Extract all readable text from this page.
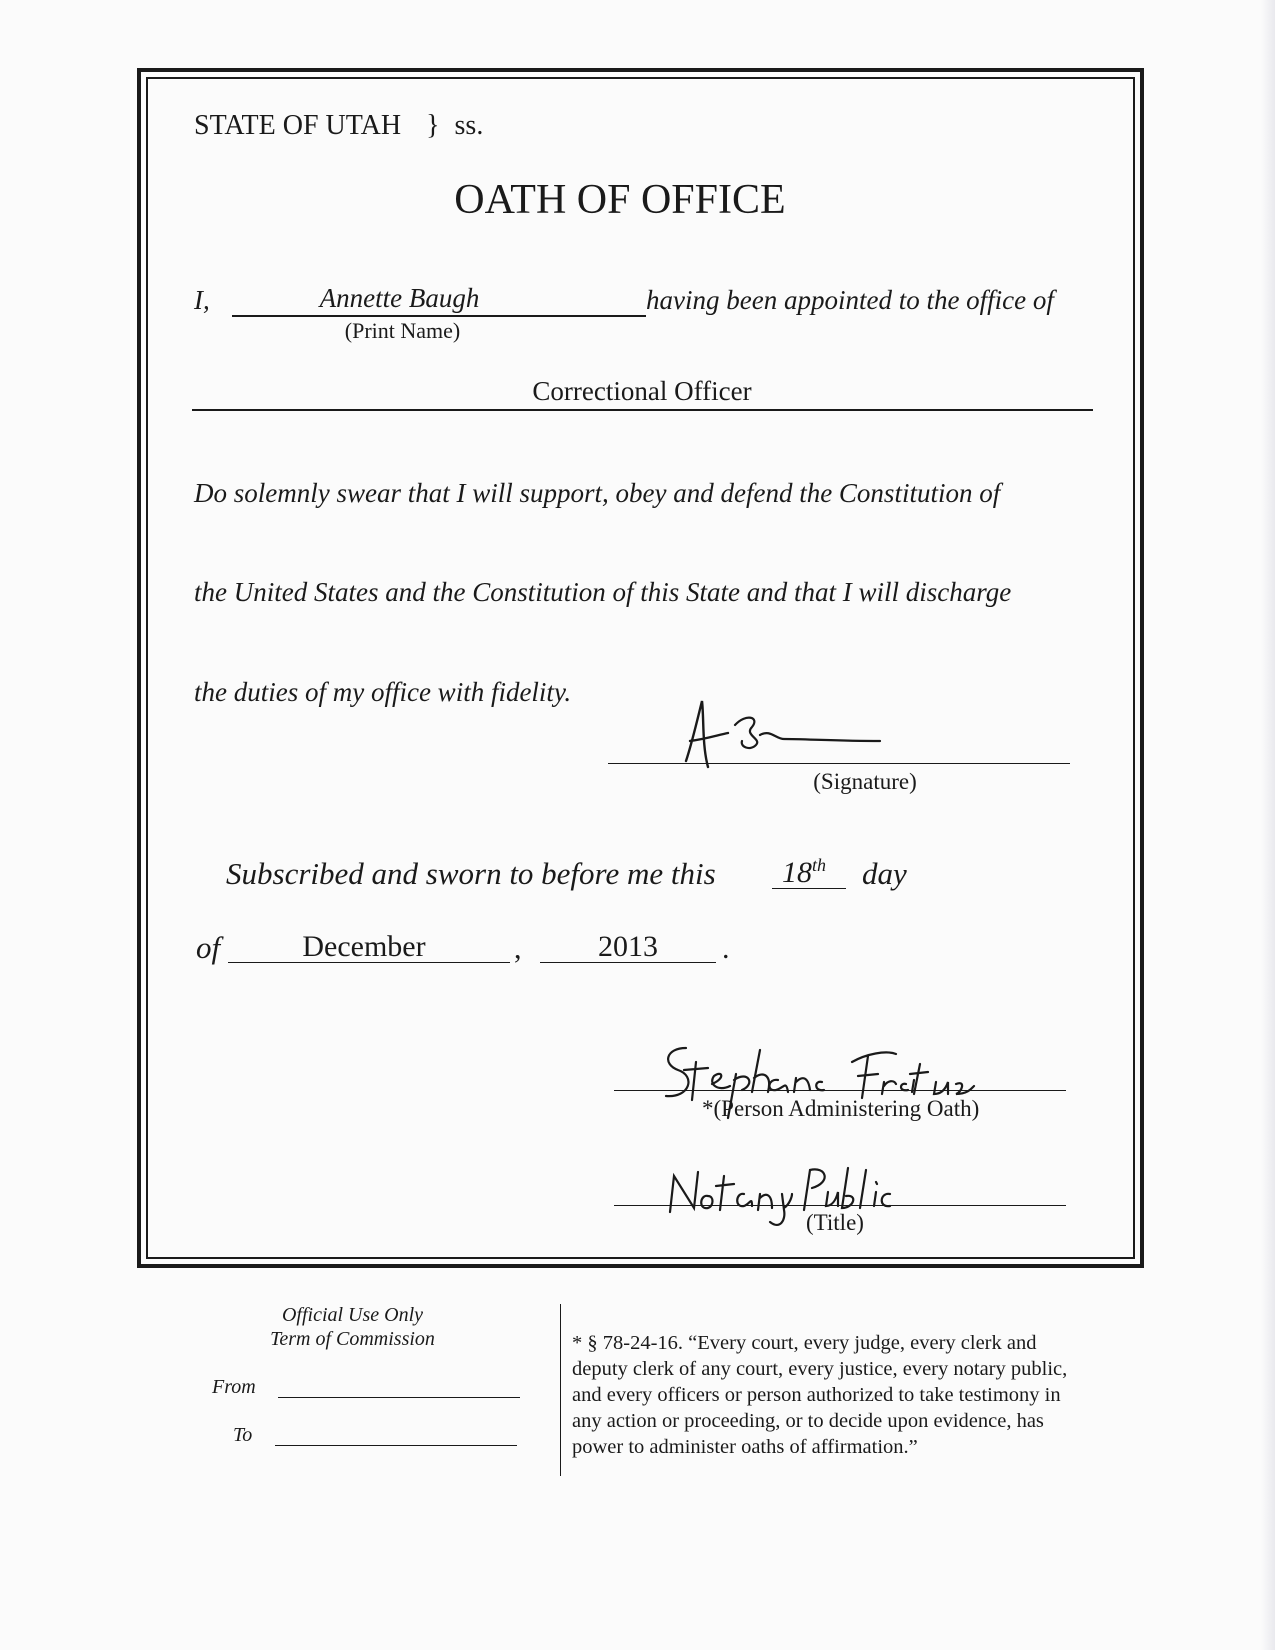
STATE OF UTAH } ss.
OATH OF OFFICE
I,	Annette Baugh	having been appointed to the office of
(Print Name)
Correctional Officer
Do solemnly swear that I will support, obey and defend the Constitution of
the United States and the Constitution of this State and that I will discharge
the duties of my office with fidelity.
(Signature)
Subscribed and sworn to before me this 18th day
of	December	,	2013	.
*(Person Administering Oath)
(Title)
Official Use Only
Term of Commission
From
To
* § 78-24-16. “Every court, every judge, every clerk and
deputy clerk of any court, every justice, every notary public,
and every officers or person authorized to take testimony in
any action or proceeding, or to decide upon evidence, has
power to administer oaths of affirmation.”
